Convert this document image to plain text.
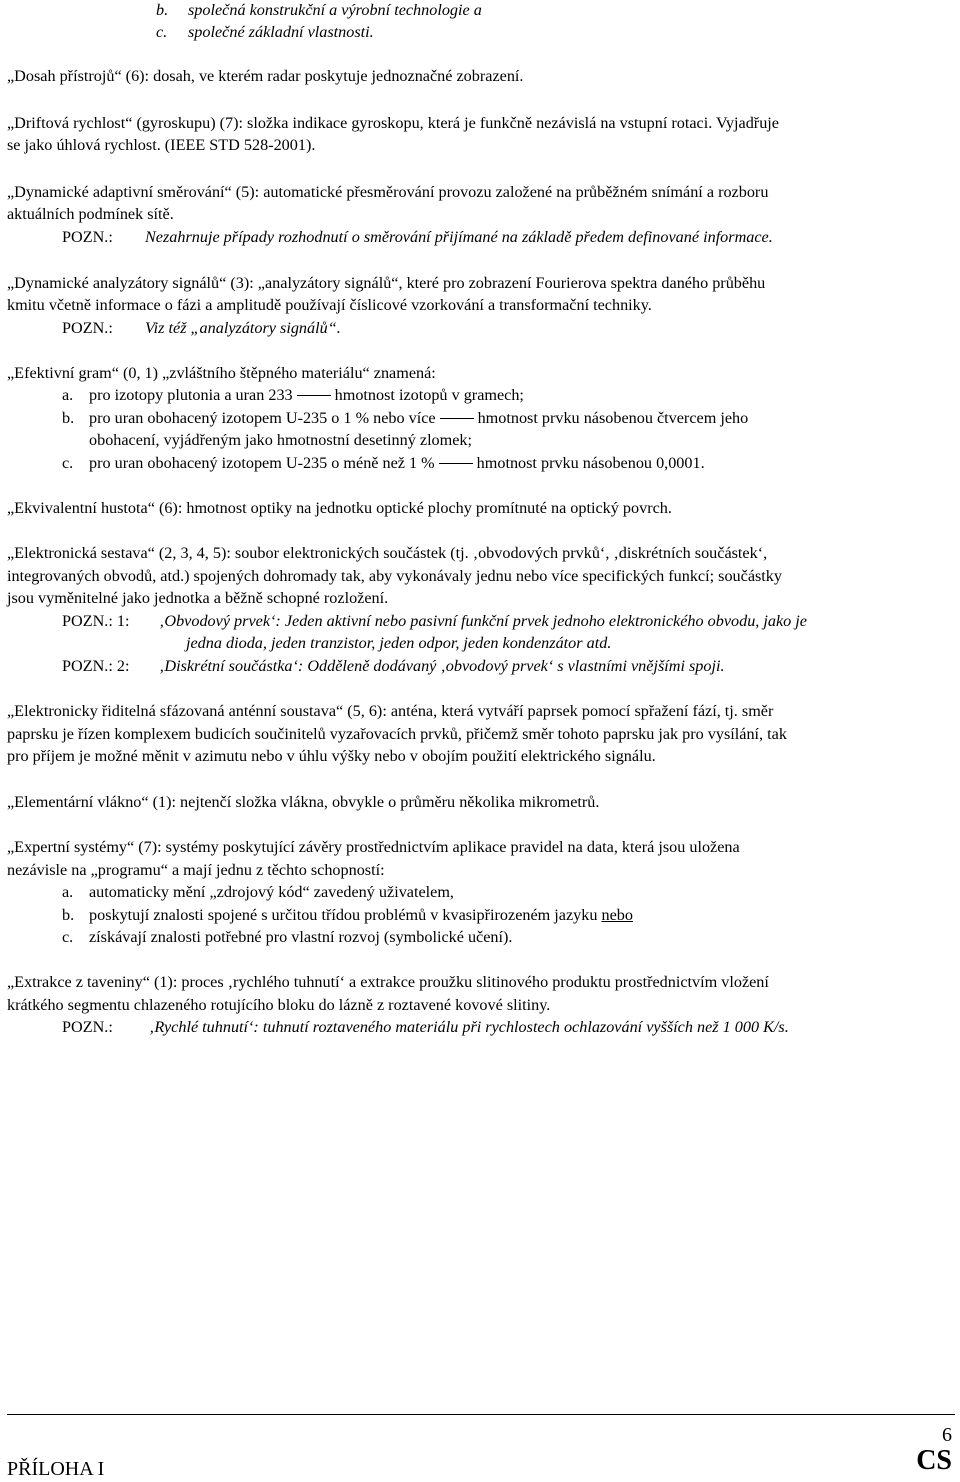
b. společná konstrukční a výrobní technologie a
c. společné základní vlastnosti.
„Dosah přístrojů“ (6): dosah, ve kterém radar poskytuje jednoznačné zobrazení.
„Driftová rychlost“ (gyroskupu) (7): složka indikace gyroskopu, která je funkčně nezávislá na vstupní rotaci. Vyjadřuje
se jako úhlová rychlost. (IEEE STD 528-2001).
„Dynamické adaptivní směrování“ (5): automatické přesměrování provozu založené na průběžném snímání a rozboru
aktuálních podmínek sítě.
POZN.: Nezahrnuje případy rozhodnutí o směrování přijímané na základě předem definované informace.
„Dynamické analyzátory signálů“ (3): „analyzátory signálů“, které pro zobrazení Fourierova spektra daného průběhu
kmitu včetně informace o fázi a amplitudě používají číslicové vzorkování a transformační techniky.
POZN.: Viz též „analyzátory signálů“.
„Efektivní gram“ (0, 1) „zvláštního štěpného materiálu“ znamená:
a. pro izotopy plutonia a uran 233	hmotnost izotopů v gramech;
b. pro uran obohacený izotopem U-235 o 1 % nebo více	hmotnost prvku násobenou čtvercem jeho
obohacení, vyjádřeným jako hmotnostní desetinný zlomek;
c. pro uran obohacený izotopem U-235 o méně než 1 %	hmotnost prvku násobenou 0,0001.
„Ekvivalentní hustota“ (6): hmotnost optiky na jednotku optické plochy promítnuté na optický povrch.
„Elektronická sestava“ (2, 3, 4, 5): soubor elektronických součástek (tj. ‚obvodových prvků‘, ‚diskrétních součástek‘,
integrovaných obvodů, atd.) spojených dohromady tak, aby vykonávaly jednu nebo více specifických funkcí; součástky
jsou vyměnitelné jako jednotka a běžně schopné rozložení.
POZN.: 1: ‚Obvodový prvek‘: Jeden aktivní nebo pasivní funkční prvek jednoho elektronického obvodu, jako je
jedna dioda, jeden tranzistor, jeden odpor, jeden kondenzátor atd.
POZN.: 2: ‚Diskrétní součástka‘: Odděleně dodávaný ‚obvodový prvek‘ s vlastními vnějšími spoji.
„Elektronicky řiditelná sfázovaná anténní soustava“ (5, 6): anténa, která vytváří paprsek pomocí spřažení fází, tj. směr
paprsku je řízen komplexem budicích součinitelů vyzařovacích prvků, přičemž směr tohoto paprsku jak pro vysílání, tak
pro příjem je možné měnit v azimutu nebo v úhlu výšky nebo v obojím použití elektrického signálu.
„Elementární vlákno“ (1): nejtenčí složka vlákna, obvykle o průměru několika mikrometrů.
„Expertní systémy“ (7): systémy poskytující závěry prostřednictvím aplikace pravidel na data, která jsou uložena
nezávisle na „programu“ a mají jednu z těchto schopností:
a. automaticky mění „zdrojový kód“ zavedený uživatelem,
b. poskytují znalosti spojené s určitou třídou problémů v kvasipřirozeném jazyku nebo
c. získávají znalosti potřebné pro vlastní rozvoj (symbolické učení).
„Extrakce z taveniny“ (1): proces ‚rychlého tuhnutí‘ a extrakce proužku slitinového produktu prostřednictvím vložení
krátkého segmentu chlazeného rotujícího bloku do lázně z roztavené kovové slitiny.
POZN.: ‚Rychlé tuhnutí‘: tuhnutí roztaveného materiálu při rychlostech ochlazování vyšších než 1 000 K/s.
6
PŘÍLOHA I	CS
